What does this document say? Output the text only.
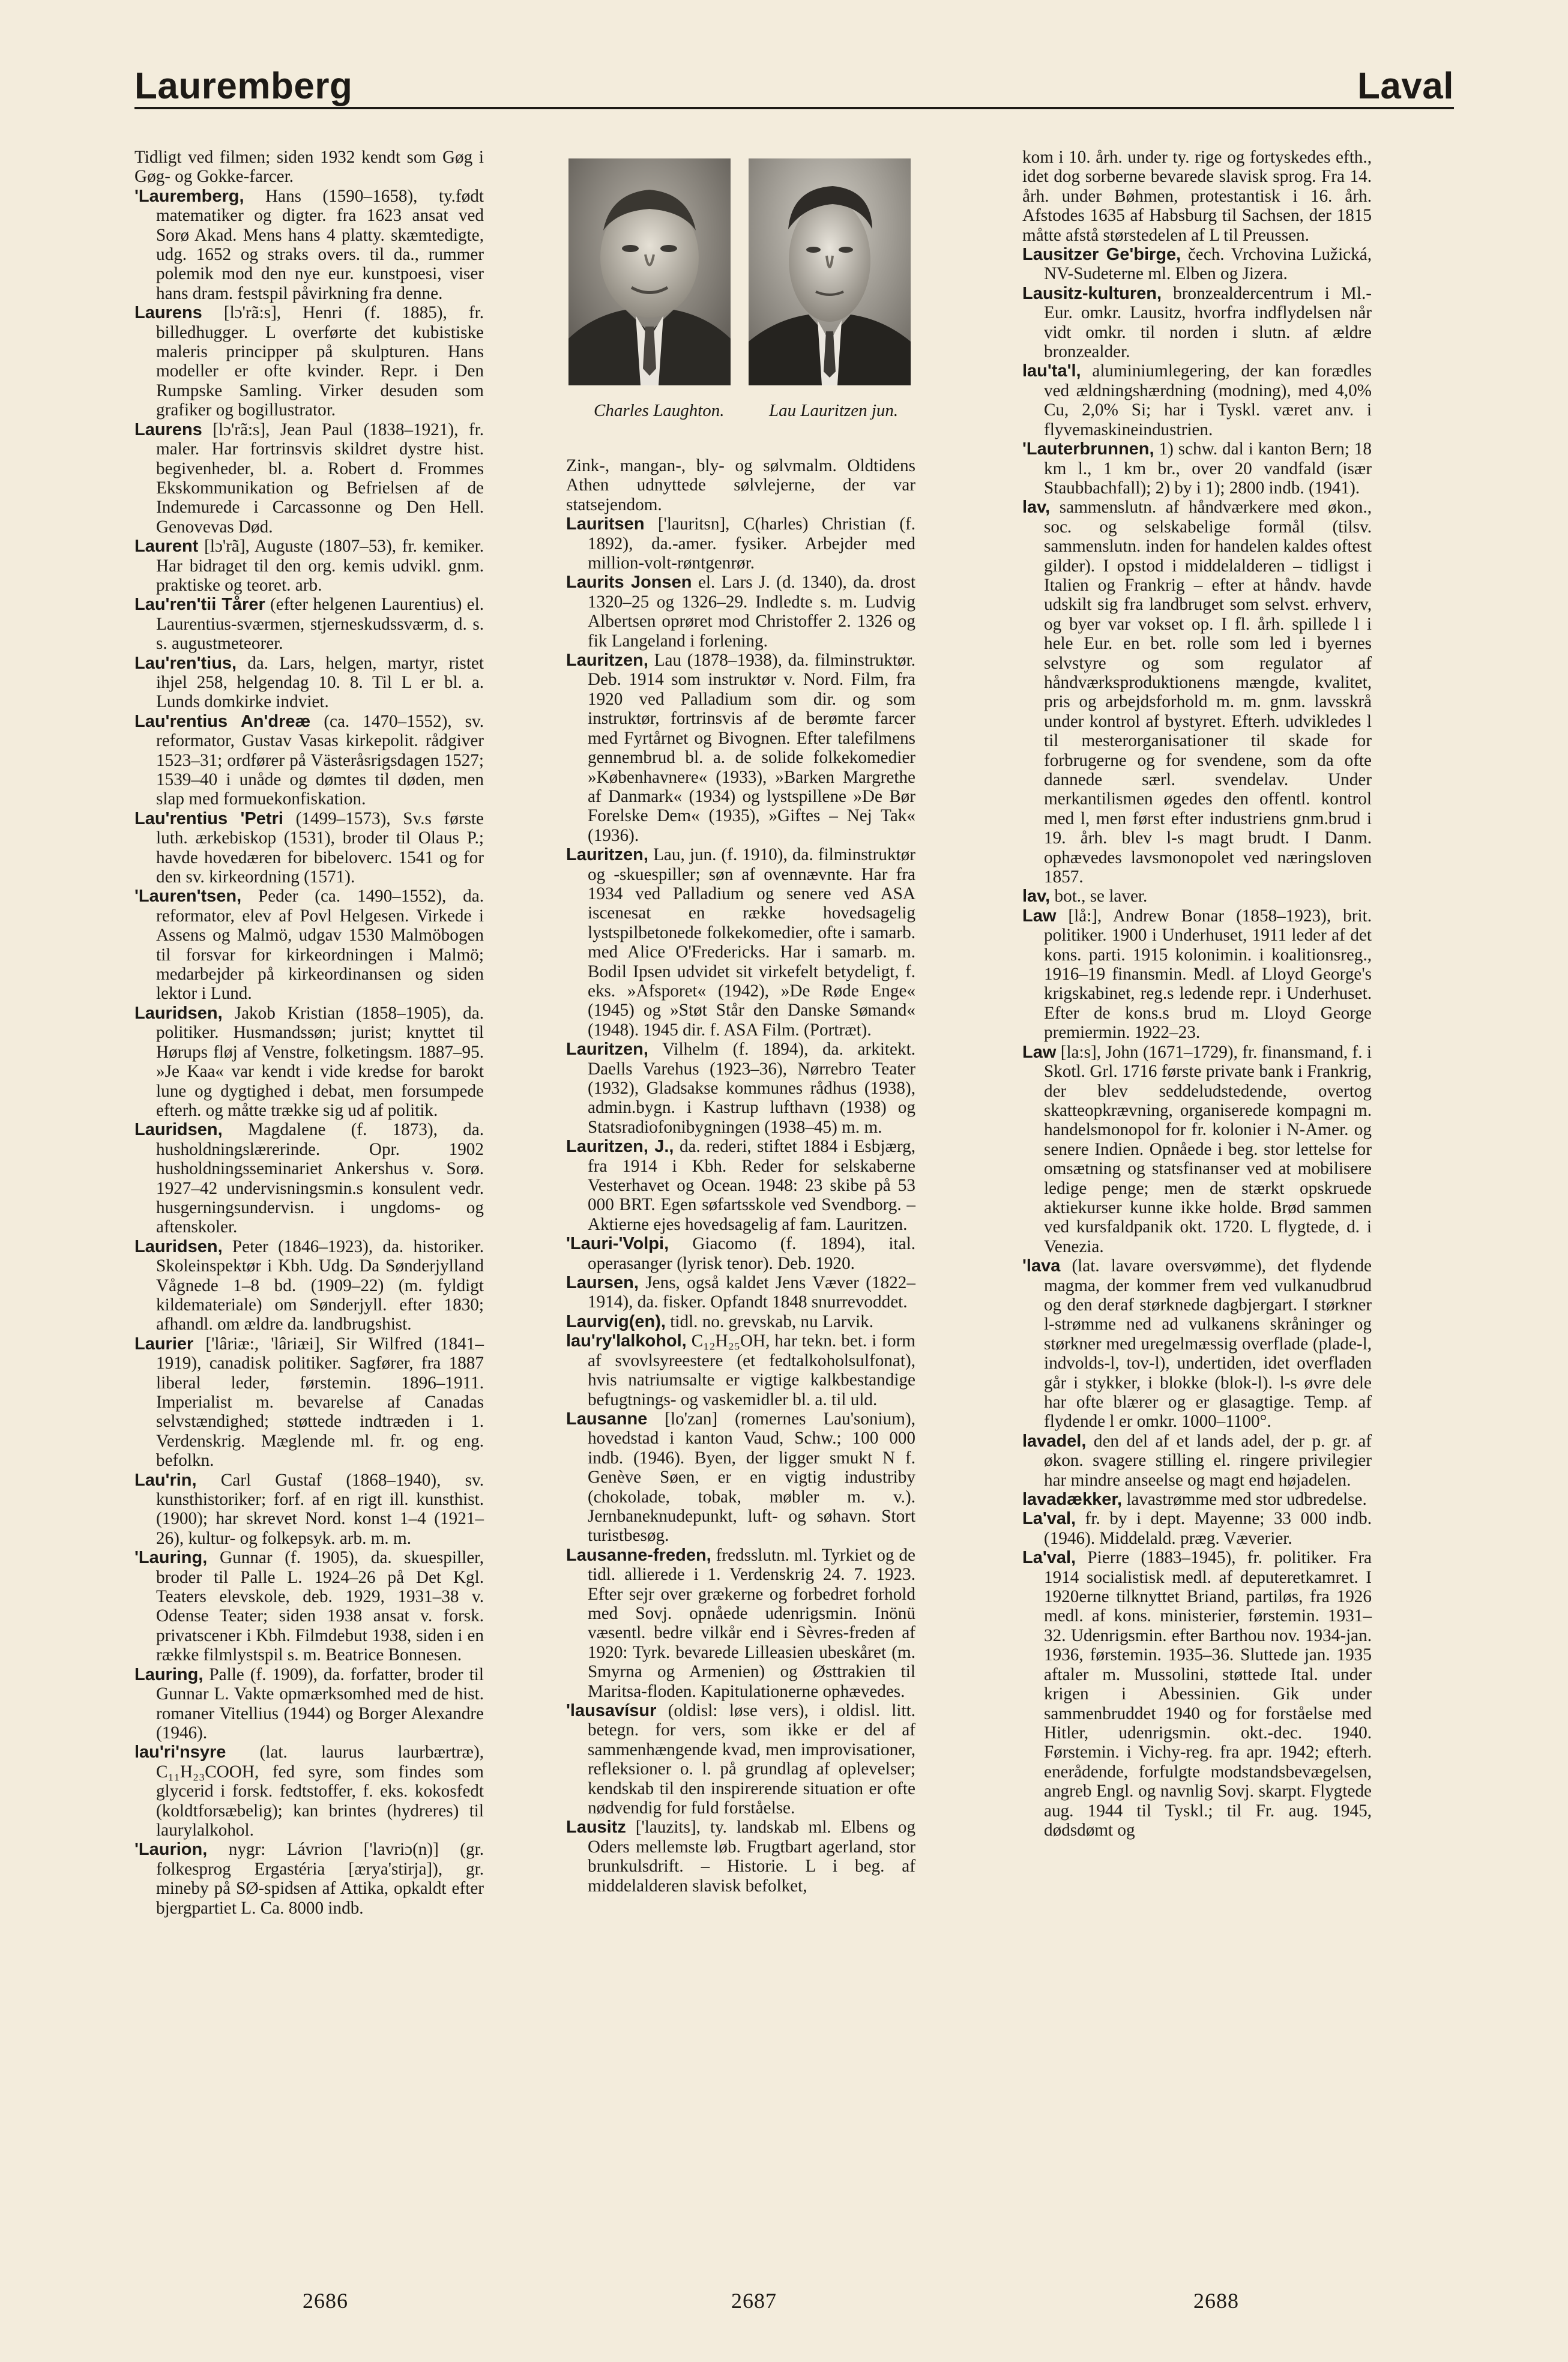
Lauremberg	Laval

Tidligt ved filmen; siden 1932 kendt som Gøg i Gøg- og Gokke-farcer.

'Lauremberg, Hans (1590–1658), ty.født matematiker og digter. fra 1623 ansat ved Sorø Akad. Mens hans 4 platty. skæmtedigte, udg. 1652 og straks overs. til da., rummer polemik mod den nye eur. kunstpoesi, viser hans dram. festspil påvirkning fra denne.

Laurens [lɔ'rã:s], Henri (f. 1885), fr. billedhugger. L overførte det kubistiske maleris principper på skulpturen. Hans modeller er ofte kvinder. Repr. i Den Rumpske Samling. Virker desuden som grafiker og bogillustrator.

Laurens [lɔ'rã:s], Jean Paul (1838–1921), fr. maler. Har fortrinsvis skildret dystre hist. begivenheder, bl. a. Robert d. Frommes Ekskommunikation og Befrielsen af de Indemurede i Carcassonne og Den Hell. Genovevas Død.

Laurent [lɔ'rã], Auguste (1807–53), fr. kemiker. Har bidraget til den org. kemis udvikl. gnm. praktiske og teoret. arb.

Lau'ren'tii Tårer (efter helgenen Laurentius) el. Laurentius-sværmen, stjerneskudssværm, d. s. s. augustmeteorer.

Lau'ren'tius, da. Lars, helgen, martyr, ristet ihjel 258, helgendag 10. 8. Til L er bl. a. Lunds domkirke indviet.

Lau'rentius An'dreæ (ca. 1470–1552), sv. reformator, Gustav Vasas kirkepolit. rådgiver 1523–31; ordfører på Västeråsrigsdagen 1527; 1539–40 i unåde og dømtes til døden, men slap med formuekonfiskation.

Lau'rentius 'Petri (1499–1573), Sv.s første luth. ærkebiskop (1531), broder til Olaus P.; havde hovedæren for bibeloverс. 1541 og for den sv. kirkeordning (1571).

'Lauren'tsen, Peder (ca. 1490–1552), da. reformator, elev af Povl Helgesen. Virkede i Assens og Malmö, udgav 1530 Malmöbogen til forsvar for kirkeordningen i Malmö; medarbejder på kirkeordinansen og siden lektor i Lund.

Lauridsen, Jakob Kristian (1858–1905), da. politiker. Husmandssøn; jurist; knyttet til Hørups fløj af Venstre, folketingsm. 1887–95. »Je Kaa« var kendt i vide kredse for barokt lune og dygtighed i debat, men forsumpede efterh. og måtte trække sig ud af politik.

Lauridsen, Magdalene (f. 1873), da. husholdningslærerinde. Opr. 1902 husholdningsseminariet Ankershus v. Sorø. 1927–42 undervisningsmin.s konsulent vedr. husgerningsundervisn. i ungdoms- og aftenskoler.

Lauridsen, Peter (1846–1923), da. historiker. Skoleinspektør i Kbh. Udg. Da Sønderjylland Vågnede 1–8 bd. (1909–22) (m. fyldigt kildemateriale) om Sønderjyll. efter 1830; afhandl. om ældre da. landbrugshist.

Laurier ['lâriæ:, 'lâriæi], Sir Wilfred (1841–1919), canadisk politiker. Sagfører, fra 1887 liberal leder, førstemin. 1896–1911. Imperialist m. bevarelse af Canadas selvstændighed; støttede indtræden i 1. Verdenskrig. Mæglende ml. fr. og eng. befolkn.

Lau'rin, Carl Gustaf (1868–1940), sv. kunsthistoriker; forf. af en rigt ill. kunsthist. (1900); har skrevet Nord. konst 1–4 (1921–26), kultur- og folkepsyk. arb. m. m.

'Lauring, Gunnar (f. 1905), da. skuespiller, broder til Palle L. 1924–26 på Det Kgl. Teaters elevskole, deb. 1929, 1931–38 v. Odense Teater; siden 1938 ansat v. forsk. privatscener i Kbh. Filmdebut 1938, siden i en række filmlystspil s. m. Beatrice Bonnesen.

Lauring, Palle (f. 1909), da. forfatter, broder til Gunnar L. Vakte opmærksomhed med de hist. romaner Vitellius (1944) og Borger Alexandre (1946).

lau'ri'nsyre (lat. laurus laurbærtræ), C₁₁H₂₃COOH, fed syre, som findes som glycerid i forsk. fedtstoffer, f. eks. kokosfedt (koldtforsæbelig); kan brintes (hydreres) til laurylalkohol.

'Laurion, nygr: Lávrion ['lavriɔ(n)] (gr. folkesprog Ergastéria [ærya'stirja]), gr. mineby på SØ-spidsen af Attika, opkaldt efter bjergpartiet L. Ca. 8000 indb.

Charles Laughton.	Lau Lauritzen jun.

Zink-, mangan-, bly- og sølvmalm. Oldtidens Athen udnyttede sølvlejerne, der var statsejendom.

Lauritsen ['lauritsn], C(harles) Christian (f. 1892), da.-amer. fysiker. Arbejder med million-volt-røntgenrør.

Laurits Jonsen el. Lars J. (d. 1340), da. drost 1320–25 og 1326–29. Indledte s. m. Ludvig Albertsen oprøret mod Christoffer 2. 1326 og fik Langeland i forlening.

Lauritzen, Lau (1878–1938), da. filminstruktør. Deb. 1914 som instruktør v. Nord. Film, fra 1920 ved Palladium som dir. og som instruktør, fortrinsvis af de berømte farcer med Fyrtårnet og Bivognen. Efter talefilmens gennembrud bl. a. de solide folkekomedier »Københavnere« (1933), »Barken Margrethe af Danmark« (1934) og lystspillene »De Bør Forelske Dem« (1935), »Giftes – Nej Tak« (1936).

Lauritzen, Lau, jun. (f. 1910), da. filminstruktør og -skuespiller; søn af ovennævnte. Har fra 1934 ved Palladium og senere ved ASA iscenesat en række hovedsagelig lystspilbetonede folkekomedier, ofte i samarb. med Alice O'Fredericks. Har i samarb. m. Bodil Ipsen udvidet sit virkefelt betydeligt, f. eks. »Afsporet« (1942), »De Røde Enge« (1945) og »Støt Står den Danske Sømand« (1948). 1945 dir. f. ASA Film. (Portræt).

Lauritzen, Vilhelm (f. 1894), da. arkitekt. Daells Varehus (1923–36), Nørrebro Teater (1932), Gladsakse kommunes rådhus (1938), admin.bygn. i Kastrup lufthavn (1938) og Statsradiofonibygningen (1938–45) m. m.

Lauritzen, J., da. rederi, stiftet 1884 i Esbjærg, fra 1914 i Kbh. Reder for selskaberne Vesterhavet og Ocean. 1948: 23 skibe på 53 000 BRT. Egen søfartsskole ved Svendborg. – Aktierne ejes hovedsagelig af fam. Lauritzen.

'Lauri-'Volpi, Giacomo (f. 1894), ital. operasanger (lyrisk tenor). Deb. 1920.

Laursen, Jens, også kaldet Jens Væver (1822–1914), da. fisker. Opfandt 1848 snurrevoddet.

Laurvig(en), tidl. no. grevskab, nu Larvik.

lau'ry'lalkohol, C₁₂H₂₅OH, har tekn. bet. i form af svovlsyreestere (et fedtalkoholsulfonat), hvis natriumsalte er vigtige kalkbestandige befugtnings- og vaskemidler bl. a. til uld.

Lausanne [lo'zan] (romernes Lau'sonium), hovedstad i kanton Vaud, Schw.; 100 000 indb. (1946). Byen, der ligger smukt N f. Genève Søen, er en vigtig industriby (chokolade, tobak, møbler m. v.). Jernbaneknudepunkt, luft- og søhavn. Stort turistbesøg.

Lausanne-freden, fredsslutn. ml. Tyrkiet og de tidl. allierede i 1. Verdenskrig 24. 7. 1923. Efter sejr over grækerne og forbedret forhold med Sovj. opnåede udenrigsmin. Inönü væsentl. bedre vilkår end i Sèvres-freden af 1920: Tyrk. bevarede Lilleasien ubeskåret (m. Smyrna og Armenien) og Østtrakien til Maritsa-floden. Kapitulationerne ophævedes.

'lausavísur (oldisl: løse vers), i oldisl. litt. betegn. for vers, som ikke er del af sammenhængende kvad, men improvisationer, refleksioner o. l. på grundlag af oplevelser; kendskab til den inspirerende situation er ofte nødvendig for fuld forståelse.

Lausitz ['lauzits], ty. landskab ml. Elbens og Oders mellemste løb. Frugtbart agerland, stor brunkulsdrift. – Historie. L i beg. af middelalderen slavisk befolket,

kom i 10. årh. under ty. rige og fortyskedes efth., idet dog sorberne bevarede slavisk sprog. Fra 14. årh. under Bøhmen, protestantisk i 16. årh. Afstodes 1635 af Habsburg til Sachsen, der 1815 måtte afstå størstedelen af L til Preussen.

Lausitzer Ge'birge, čech. Vrchovina Lužická, NV-Sudeterne ml. Elben og Jizera.

Lausitz-kulturen, bronzealdercentrum i Ml.-Eur. omkr. Lausitz, hvorfra indflydelsen når vidt omkr. til norden i slutn. af ældre bronzealder.

lau'ta'l, aluminiumlegering, der kan forædles ved ældningshærdning (modning), med 4,0% Cu, 2,0% Si; har i Tyskl. været anv. i flyvemaskineindustrien.

'Lauterbrunnen, 1) schw. dal i kanton Bern; 18 km l., 1 km br., over 20 vandfald (især Staubbachfall); 2) by i 1); 2800 indb. (1941).

lav, sammenslutn. af håndværkere med økon., soc. og selskabelige formål (tilsv. sammenslutn. inden for handelen kaldes oftest gilder). I opstod i middelalderen – tidligst i Italien og Frankrig – efter at håndv. havde udskilt sig fra landbruget som selvst. erhverv, og byer var vokset op. I fl. årh. spillede l i hele Eur. en bet. rolle som led i byernes selvstyre og som regulator af håndværksproduktionens mængde, kvalitet, pris og arbejdsforhold m. m. gnm. lavsskrå under kontrol af bystyret. Efterh. udvikledes l til mesterorganisationer til skade for forbrugerne og for svendene, som da ofte dannede særl. svendelav. Under merkantilismen øgedes den offentl. kontrol med l, men først efter industriens gnm.brud i 19. årh. blev l-s magt brudt. I Danm. ophævedes lavsmonopolet ved næringsloven 1857.

lav, bot., se laver.

Law [lå:], Andrew Bonar (1858–1923), brit. politiker. 1900 i Underhuset, 1911 leder af det kons. parti. 1915 kolonimin. i koalitionsreg., 1916–19 finansmin. Medl. af Lloyd George's krigskabinet, reg.s ledende repr. i Underhuset. Efter de kons.s brud m. Lloyd George premiermin. 1922–23.

Law [la:s], John (1671–1729), fr. finansmand, f. i Skotl. Grl. 1716 første private bank i Frankrig, der blev seddeludstedende, overtog skatteopkrævning, organiserede kompagni m. handelsmonopol for fr. kolonier i N-Amer. og senere Indien. Opnåede i beg. stor lettelse for omsætning og statsfinanser ved at mobilisere ledige penge; men de stærkt opskruede aktiekurser kunne ikke holde. Brød sammen ved kursfaldpanik okt. 1720. L flygtede, d. i Venezia.

'lava (lat. lavare oversvømme), det flydende magma, der kommer frem ved vulkanudbrud og den deraf størknede dagbjergart. I størkner l-strømme ned ad vulkanens skråninger og størkner med uregelmæssig overflade (plade-l, indvolds-l, tov-l), undertiden, idet overfladen går i stykker, i blokke (blok-l). l-s øvre dele har ofte blærer og er glasagtige. Temp. af flydende l er omkr. 1000–1100°.

lavadel, den del af et lands adel, der p. gr. af økon. svagere stilling el. ringere privilegier har mindre anseelse og magt end højadelen.

lavadækker, lavastrømme med stor udbredelse.

La'val, fr. by i dept. Mayenne; 33 000 indb. (1946). Middelald. præg. Væverier.

La'val, Pierre (1883–1945), fr. politiker. Fra 1914 socialistisk medl. af deputeretkamret. I 1920erne tilknyttet Briand, partiløs, fra 1926 medl. af kons. ministerier, førstemin. 1931–32. Udenrigsmin. efter Barthou nov. 1934-jan. 1936, førstemin. 1935–36. Sluttede jan. 1935 aftaler m. Mussolini, støttede Ital. under krigen i Abessinien. Gik under sammenbruddet 1940 og for forståelse med Hitler, udenrigsmin. okt.-dec. 1940. Førstemin. i Vichy-reg. fra apr. 1942; efterh. enerådende, forfulgte modstandsbevægelsen, angreb Engl. og navnlig Sovj. skarpt. Flygtede aug. 1944 til Tyskl.; til Fr. aug. 1945, dødsdømt og

2686	2687	2688
